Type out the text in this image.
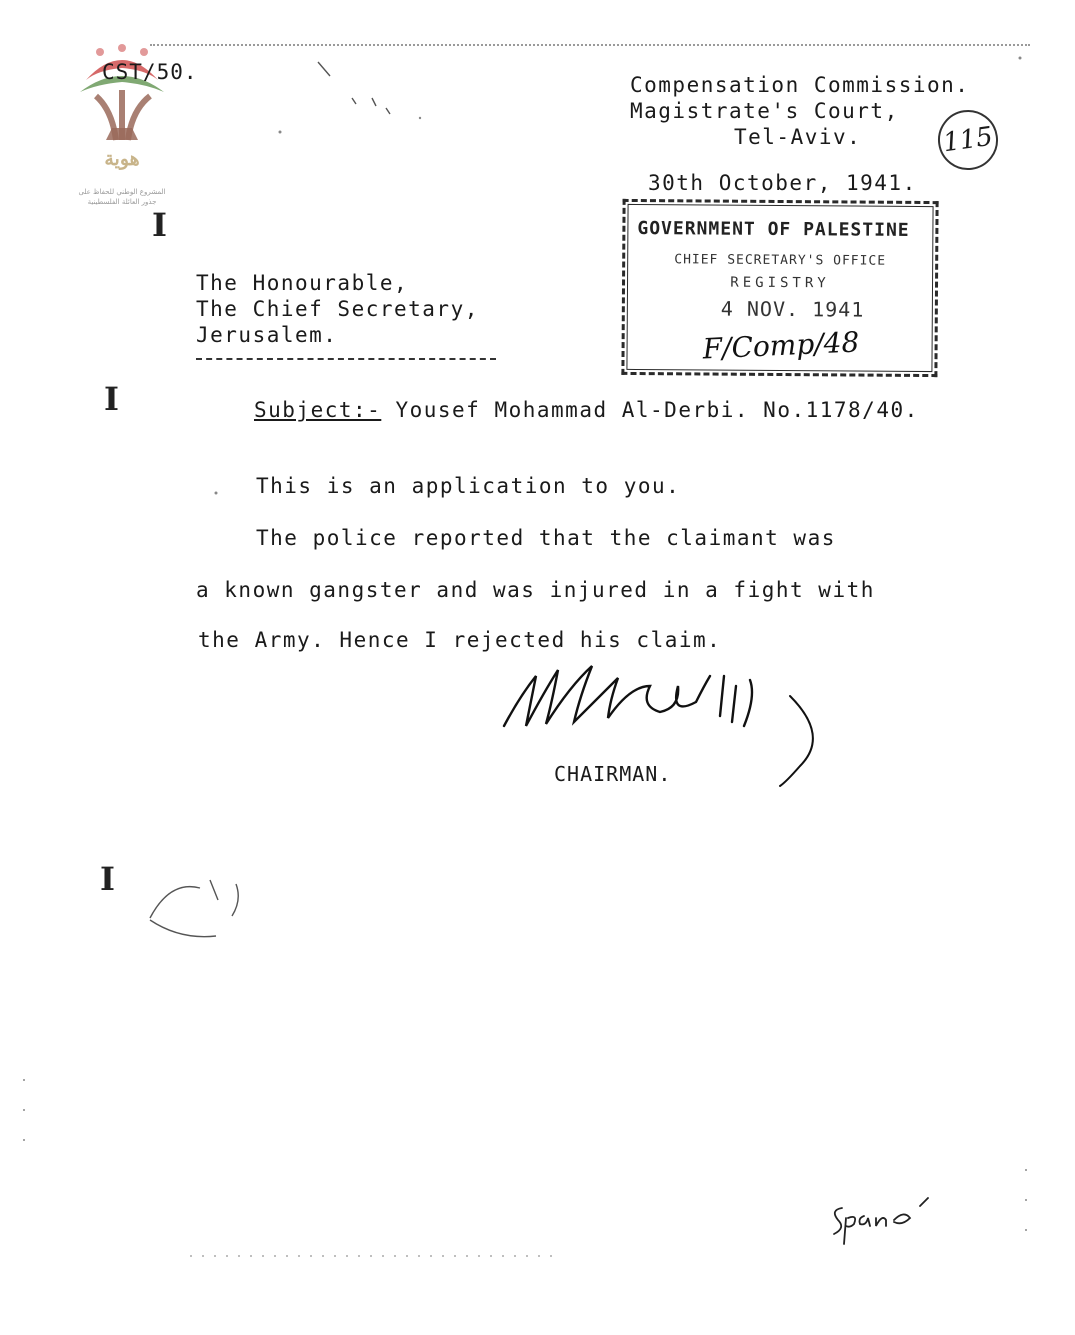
هوية
المشروع الوطني للحفاظ على
جذور العائلة الفلسطينية
CST/50.
Compensation Commission.
Magistrate's Court,
Tel-Aviv.	115
30th October, 1941.
GOVERNMENT OF PALESTINE
CHIEF SECRETARY'S OFFICE
REGISTRY
4 NOV. 1941
F/Comp/48
The Honourable,
The Chief Secretary,
Jerusalem.
I
I
I
Subject:- Yousef Mohammad Al-Derbi. No.1178/40.
This is an application to you.
The police reported that the claimant was
a known gangster and was injured in a fight with
the Army. Hence I rejected his claim.
CHAIRMAN.
